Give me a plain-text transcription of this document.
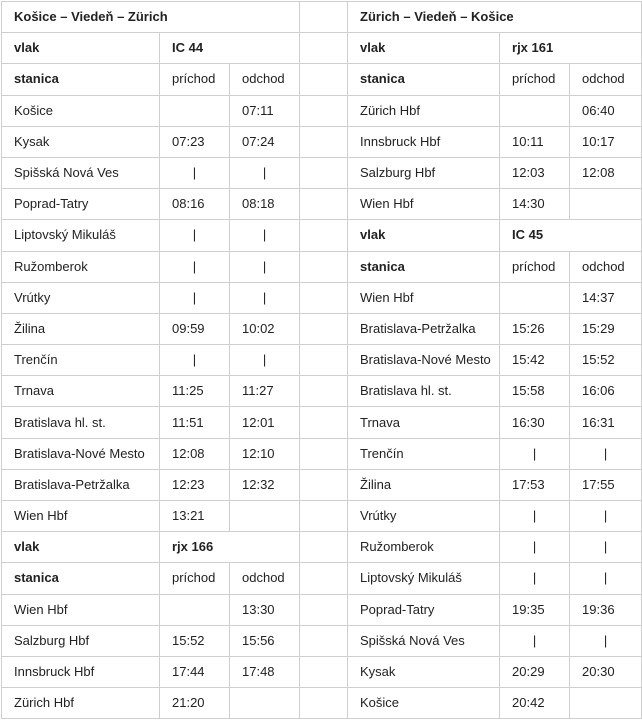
Košice – Viedeň – Zürich				Zürich – Viedeň – Košice		
vlak	IC 44			vlak	rjx 161	
stanica	príchod	odchod		stanica	príchod	odchod
Košice		07:11		Zürich Hbf		06:40
Kysak	07:23	07:24		Innsbruck Hbf	10:11	10:17
Spišská Nová Ves	|	|		Salzburg Hbf	12:03	12:08
Poprad-Tatry	08:16	08:18		Wien Hbf	14:30	
Liptovský Mikuláš	|	|		vlak	IC 45	
Ružomberok	|	|		stanica	príchod	odchod
Vrútky	|	|		Wien Hbf		14:37
Žilina	09:59	10:02		Bratislava-Petržalka	15:26	15:29
Trenčín	|	|		Bratislava-Nové Mesto	15:42	15:52
Trnava	11:25	11:27		Bratislava hl. st.	15:58	16:06
Bratislava hl. st.	11:51	12:01		Trnava	16:30	16:31
Bratislava-Nové Mesto	12:08	12:10		Trenčín	|	|
Bratislava-Petržalka	12:23	12:32		Žilina	17:53	17:55
Wien Hbf	13:21			Vrútky	|	|
vlak	rjx 166			Ružomberok	|	|
stanica	príchod	odchod		Liptovský Mikuláš	|	|
Wien Hbf		13:30		Poprad-Tatry	19:35	19:36
Salzburg Hbf	15:52	15:56		Spišská Nová Ves	|	|
Innsbruck Hbf	17:44	17:48		Kysak	20:29	20:30
Zürich Hbf	21:20			Košice	20:42	
